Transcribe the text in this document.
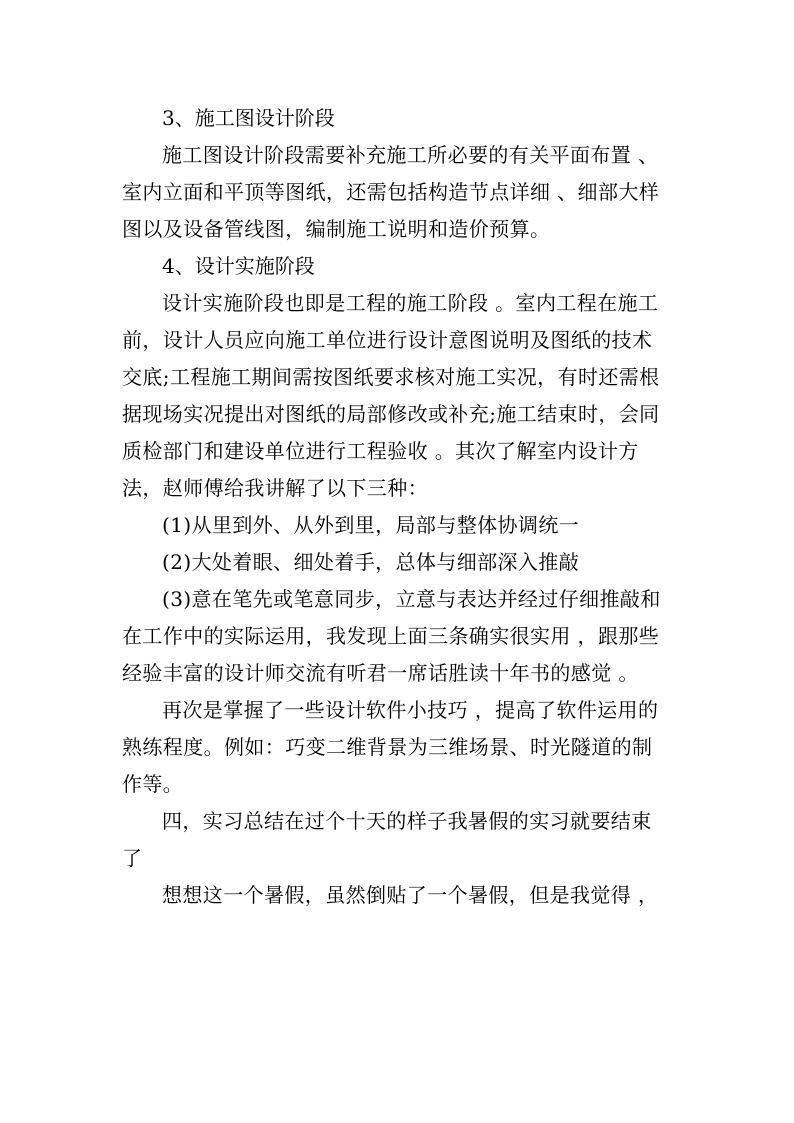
3、施工图设计阶段

施工图设计阶段需要补充施工所必要的有关平面布置 、室内立面和平顶等图纸，还需包括构造节点详细 、细部大样图以及设备管线图，编制施工说明和造价预算。

4、设计实施阶段

设计实施阶段也即是工程的施工阶段 。室内工程在施工前，设计人员应向施工单位进行设计意图说明及图纸的技术交底;工程施工期间需按图纸要求核对施工实况，有时还需根据现场实况提出对图纸的局部修改或补充;施工结束时，会同质检部门和建设单位进行工程验收 。其次了解室内设计方法，赵师傅给我讲解了以下三种：

(1)从里到外、从外到里，局部与整体协调统一

(2)大处着眼、细处着手，总体与细部深入推敲

(3)意在笔先或笔意同步，立意与表达并经过仔细推敲和在工作中的实际运用，我发现上面三条确实很实用 ，跟那些经验丰富的设计师交流有听君一席话胜读十年书的感觉 。

再次是掌握了一些设计软件小技巧 ，提高了软件运用的熟练程度。例如：巧变二维背景为三维场景、时光隧道的制作等。

四，实习总结在过个十天的样子我暑假的实习就要结束了

想想这一个暑假，虽然倒贴了一个暑假，但是我觉得 ，
